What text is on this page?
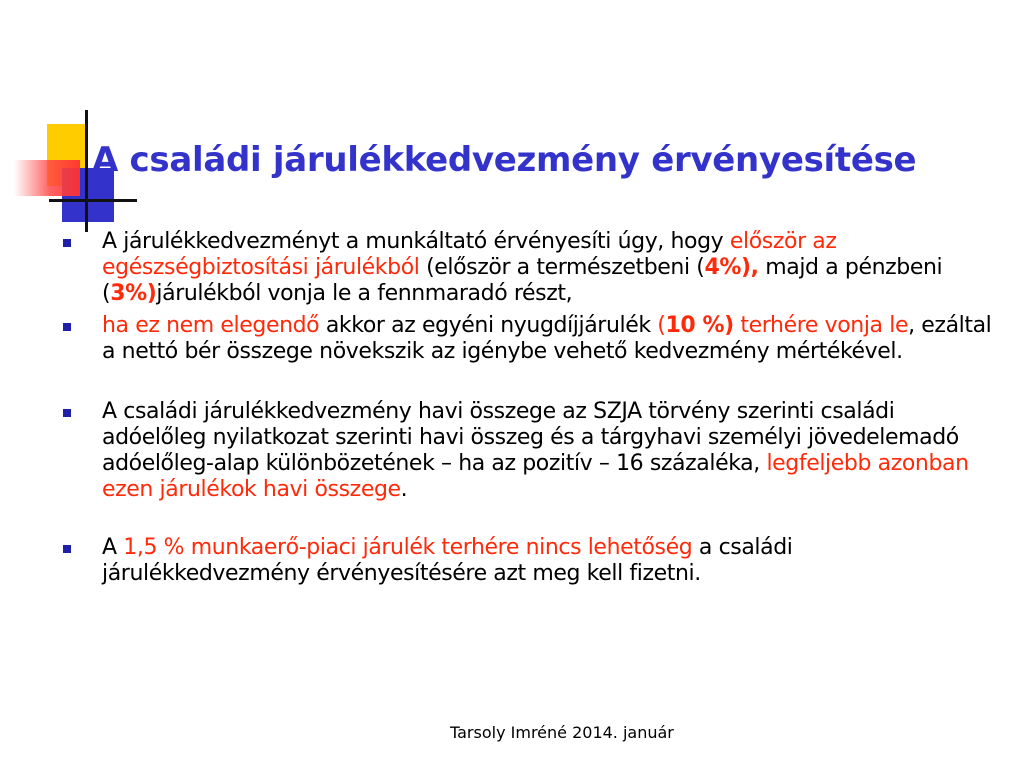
A családi járulékkedvezmény érvényesítése
A járulékkedvezményt a munkáltató érvényesíti úgy, hogy először az egészségbiztosítási járulékból (először a természetbeni (4%), majd a pénzbeni (3%)járulékból vonja le a fennmaradó részt,
ha ez nem elegendő akkor az egyéni nyugdíjjárulék (10 %) terhére vonja le, ezáltal a nettó bér összege növekszik az igénybe vehető kedvezmény mértékével.
A családi járulékkedvezmény havi összege az SZJA törvény szerinti családi adóelőleg nyilatkozat szerinti havi összeg és a tárgyhavi személyi jövedelemadó adóelőleg-alap különbözetének – ha az pozitív – 16 százaléka, legfeljebb azonban ezen járulékok havi összege.
A 1,5 % munkaerő-piaci járulék terhére nincs lehetőség a családi járulékkedvezmény érvényesítésére azt meg kell fizetni.
Tarsoly Imréné 2014. január
